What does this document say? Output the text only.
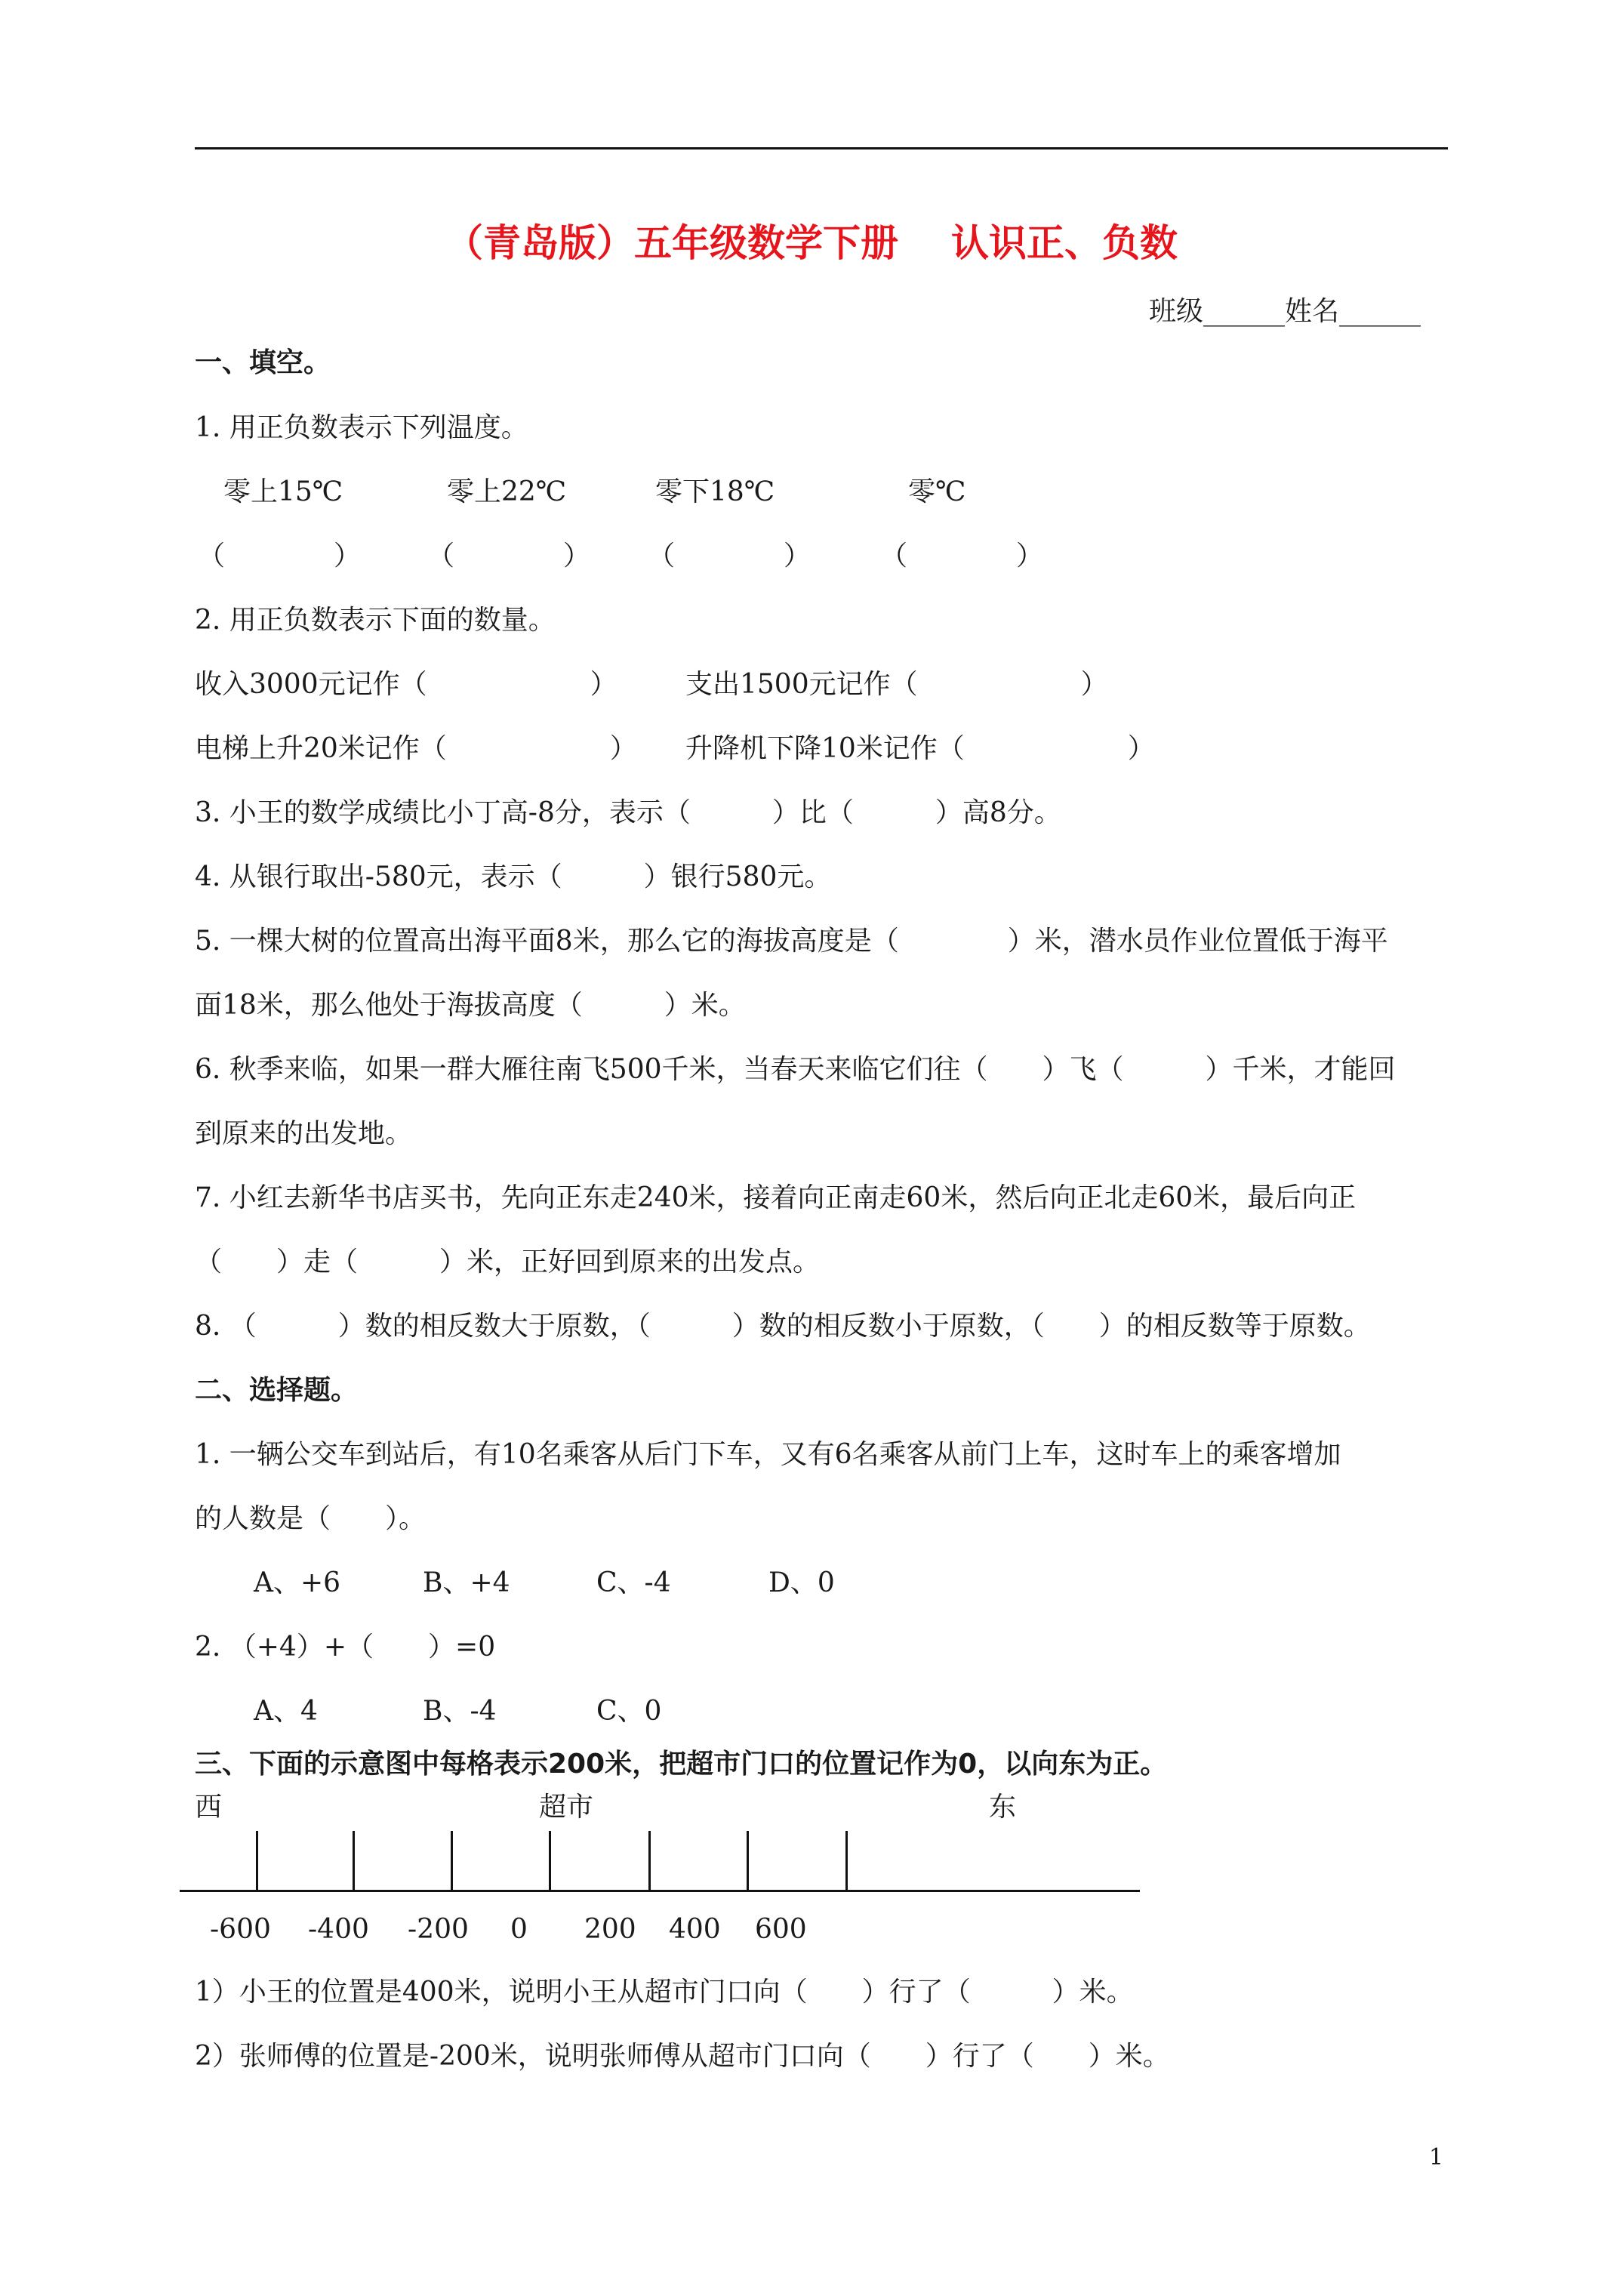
（青岛版）五年级数学下册 认识正、负数
班级______姓名______
一、填空。
1. 用正负数表示下列温度。
零上15℃	零上22℃	零下18℃	零℃
（　　　　） （　　　　） （　　　　）	（　　　　）
2. 用正负数表示下面的数量。
收入3000元记作（　　　　　　）	支出1500元记作（　　　　　　）
电梯上升20米记作（　　　　　　） 升降机下降10米记作（　　　　　　）
3. 小王的数学成绩比小丁高-8分，表示（　　　）比（　　　）高8分。
4. 从银行取出-580元，表示（　　　）银行580元。
5. 一棵大树的位置高出海平面8米，那么它的海拔高度是（　　　　）米，潜水员作业位置低于海平
面18米，那么他处于海拔高度（　　　）米。
6. 秋季来临，如果一群大雁往南飞500千米，当春天来临它们往（　　）飞（　　　）千米，才能回
到原来的出发地。
7. 小红去新华书店买书，先向正东走240米，接着向正南走60米，然后向正北走60米，最后向正
（　　）走（　　　）米，正好回到原来的出发点。
8. （　　　）数的相反数大于原数，（　　　）数的相反数小于原数，（　　）的相反数等于原数。
二、选择题。
1. 一辆公交车到站后，有10名乘客从后门下车，又有6名乘客从前门上车，这时车上的乘客增加
的人数是（　　）。
A、+6	B、+4	C、-4	D、0
2. （+4）+（　　）=0
A、4	B、-4	C、0
三、下面的示意图中每格表示200米，把超市门口的位置记作为0，以向东为正。
西	超市	东
-600 -400 -200 0 200 400 600
1）小王的位置是400米，说明小王从超市门口向（　　）行了（　　　）米。
2）张师傅的位置是-200米，说明张师傅从超市门口向（　　）行了（　　）米。
1
